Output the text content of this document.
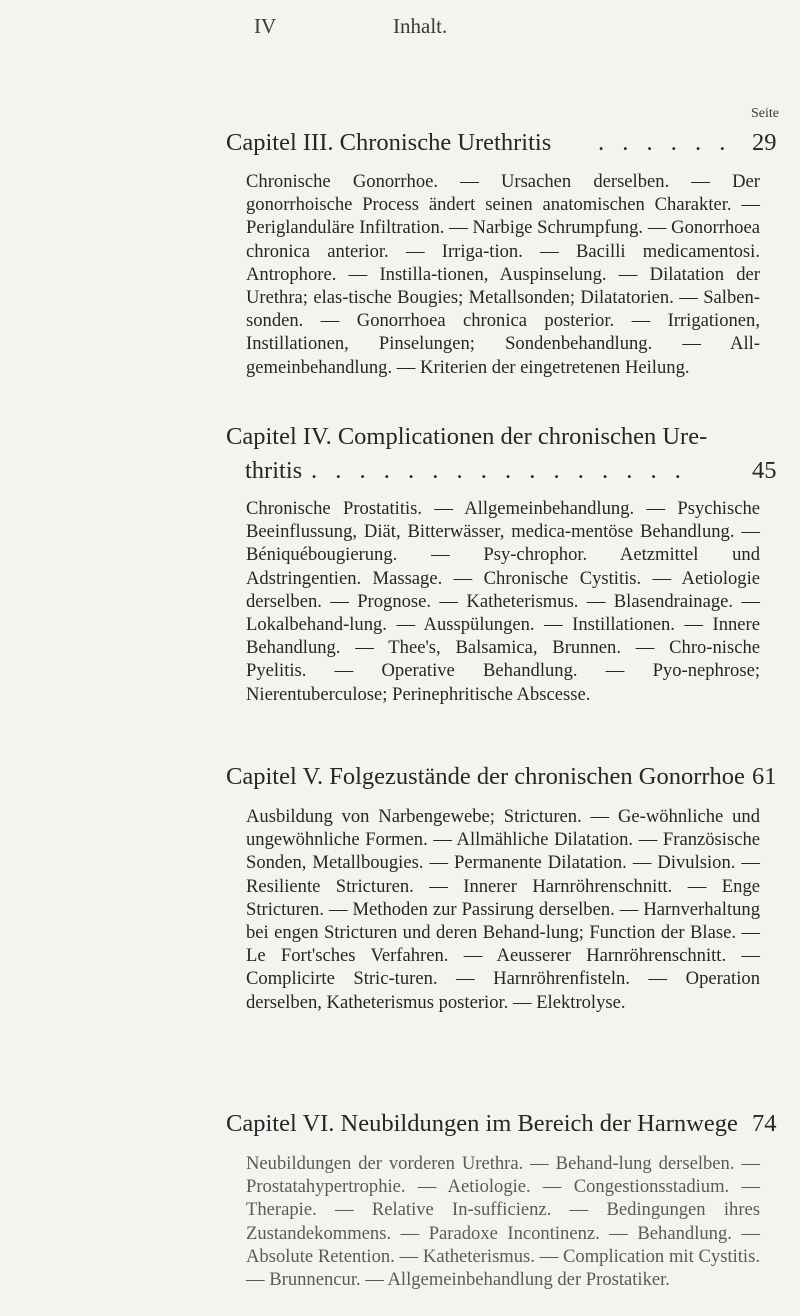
IV	Inhalt.
Seite
Capitel III. Chronische Urethritis . . . . . . 29
Chronische Gonorrhoe. — Ursachen derselben. — Der gonorrhoische Process ändert seinen anatomischen Charakter. — Periglanduläre Infiltration. — Narbige Schrumpfung. — Gonorrhoea chronica anterior. — Irriga-tion. — Bacilli medicamentosi. Antrophore. — Instilla-tionen, Auspinselung. — Dilatation der Urethra; elas-tische Bougies; Metallsonden; Dilatatorien. — Salben-sonden. — Gonorrhoea chronica posterior. — Irrigationen, Instillationen, Pinselungen; Sondenbehandlung. — All-gemeinbehandlung. — Kriterien der eingetretenen Heilung.
Capitel IV. Complicationen der chronischen Ure-
thritis . . . . . . . . . . . . . . . .	45
Chronische Prostatitis. — Allgemeinbehandlung. — Psychische Beeinflussung, Diät, Bitterwässer, medica-mentöse Behandlung. — Béniquébougierung. — Psy-chrophor. Aetzmittel und Adstringentien. Massage. — Chronische Cystitis. — Aetiologie derselben. — Prognose. — Katheterismus. — Blasendrainage. — Lokalbehand-lung. — Ausspülungen. — Instillationen. — Innere Behandlung. — Thee's, Balsamica, Brunnen. — Chro-nische Pyelitis. — Operative Behandlung. — Pyo-nephrose; Nierentuberculose; Perinephritische Abscesse.
Capitel V. Folgezustände der chronischen Gonorrhoe 61
Ausbildung von Narbengewebe; Stricturen. — Ge-wöhnliche und ungewöhnliche Formen. — Allmähliche Dilatation. — Französische Sonden, Metallbougies. — Permanente Dilatation. — Divulsion. — Resiliente Stricturen. — Innerer Harnröhrenschnitt. — Enge Stricturen. — Methoden zur Passirung derselben. — Harnverhaltung bei engen Stricturen und deren Behand-lung; Function der Blase. — Le Fort'sches Verfahren. — Aeusserer Harnröhrenschnitt. — Complicirte Stric-turen. — Harnröhrenfisteln. — Operation derselben, Katheterismus posterior. — Elektrolyse.
Capitel VI. Neubildungen im Bereich der Harnwege 74
Neubildungen der vorderen Urethra. — Behand-lung derselben. — Prostatahypertrophie. — Aetiologie. — Congestionsstadium. — Therapie. — Relative In-sufficienz. — Bedingungen ihres Zustandekommens. — Paradoxe Incontinenz. — Behandlung. — Absolute Retention. — Katheterismus. — Complication mit Cystitis. — Brunnencur. — Allgemeinbehandlung der Prostatiker.
